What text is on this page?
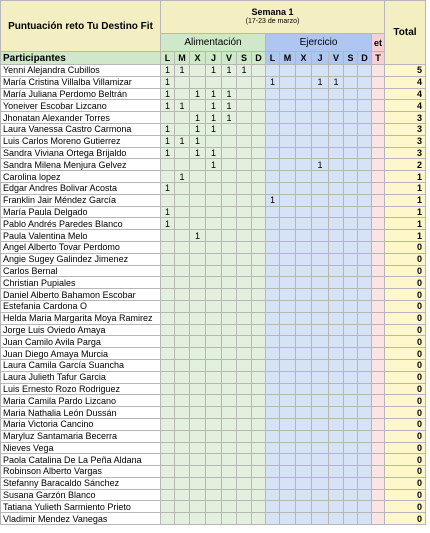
Puntuación reto Tu Destino Fit	Semana 1
(17-23 de marzo)															Total
	Alimentación							Ejercicio							et	
Participantes	L	M	X	J	V	S	D	L	M	X	J	V	S	D	T	
Yenni Alejandra Cubillos	1	1		1	1	1										5
María Cristina Villalba Villamizar	1							1			1	1				4
María Juliana Perdomo Beltrán	1		1	1	1											4
Yoneiver Escobar Lizcano	1	1		1	1											4
Jhonatan Alexander Torres			1	1	1											3
Laura Vanessa Castro Carmona	1		1	1												3
Luis Carlos Moreno Gutierrez	1	1	1													3
Sandra Viviana Ortega Brijaldo	1		1	1												3
Sandra Milena Menjura Gelvez				1							1					2
Carolina lopez		1														1
Edgar Andres Bolivar Acosta	1															1
Franklin Jair Méndez García								1								1
María Paula Delgado	1															1
Pablo Andrés Paredes Blanco	1															1
Paula Valentina Melo			1													1
Angel Alberto Tovar Perdomo																0
Angie Sugey Galindez Jimenez																0
Carlos Bernal																0
Christian Pupiales																0
Daniel Alberto Bahamon Escobar																0
Estefania Cardona O																0
Helda Maria Margarita Moya Ramirez																0
Jorge Luis Oviedo Amaya																0
Juan Camilo Avila Parga																0
Juan Diego Amaya Murcia																0
Laura Camila García Suancha																0
Laura Julieth Tafur Garcia																0
Luis Ernesto Rozo Rodriguez																0
Maria Camila Pardo Lizcano																0
Maria Nathalia León Dussán																0
Maria Victoria Cancino																0
Maryluz Santamaria Becerra																0
Nieves Vega																0
Paola Catalina De La Peña Aldana																0
Robinson Alberto Vargas																0
Stefanny Baracaldo Sánchez																0
Susana Garzón Blanco																0
Tatiana Yulieth Sarmiento Prieto																0
Vladimir Mendez Vanegas																0
